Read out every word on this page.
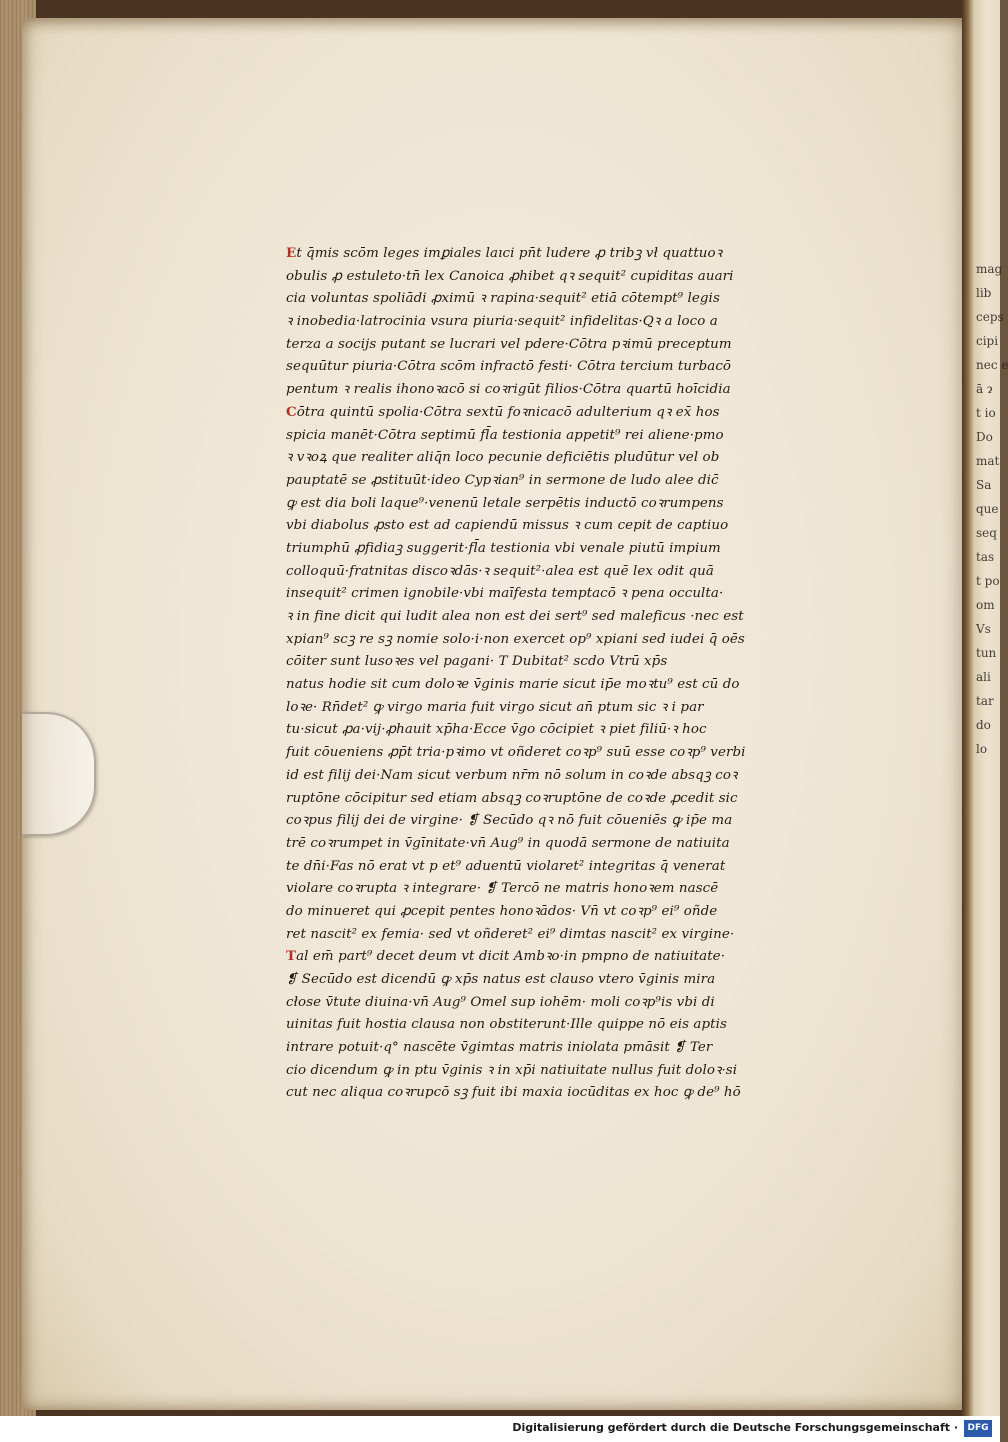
Et q̄mis scōm leges imꝑiales laıci pn̄t ludere ꝓ tribꝫ vł quattuoꝛ
obulis ꝓ estuleto·tn̄ lex Canoica ꝓhibet qꝛ sequit² cupiditas auari
cia voluntas spoliādi ꝓximū ꝛ rapina·sequit² etiā cōtempt⁹ legis
ꝛ inobedia·latrocinia vsura piuria·sequit² infidelitas·Qꝛ a loco a
terza a socijs putant se lucrari vel pdere·Cōtra pꝛimū preceptum
sequūtur piuria·Cōtra scōm infractō festi· Cōtra tercium turbacō
pentum ꝛ realis ihonoꝛacō si coꝛrigūt filios·Cōtra quartū hoīcidia
Cōtra quintū spolia·Cōtra sextū foꝛnicacō adulterium qꝛ ex̄ hos
spicia manēt·Cōtra septimū fl̄a testionia appetit⁹ rei aliene·pmo
ꝛ vꝛoꝝ que realiter aliq̄n loco pecunie deficiētis pludūtur vel ob
pauptatē se ꝓstituūt·ideo Cypꝛian⁹ in sermone de ludo alee dic̄
ꝙ est dia boli laque⁹·venenū letale serpētis inductō coꝛrumpens
vbi diabolus ꝓsto est ad capiendū missus ꝛ cum cepit de captiuo
triumphū ꝓfidiaꝫ suggerit·fl̄a testionia vbi venale piutū impium
colloquū·fratnitas discoꝛdās·ꝛ sequit²·alea est quē lex odit quā
insequit² crimen ignobile·vbi maīfesta temptacō ꝛ pena occulta·
ꝛ in fine dicit qui ludit alea non est dei sert⁹ sed maleficus ·nec est
xpian⁹ scꝫ re sꝫ nomie solo·i·non exercet op⁹ xpiani sed iudei q̄ oēs
cōiter sunt lusoꝛes vel pagani· T Dubitat² scdo Vtrū xp̄s
natus hodie sit cum doloꝛe v̄ginis marie sicut ip̄e moꝛtu⁹ est cū do
loꝛe· Rn̄det² ꝙ virgo maria fuit virgo sicut an̄ ptum sic ꝛ i par
tu·sicut ꝓa·vij·ꝓhauit xp̄ha·Ecce v̄go cōcipiet ꝛ piet filiū·ꝛ hoc
fuit cōueniens ꝓp̄t tria·pꝛimo vt oñderet coꝛp⁹ suū esse coꝛp⁹ verbi
id est filij dei·Nam sicut verbum nr̄m nō solum in coꝛde absqꝫ coꝛ
ruptōne cōcipitur sed etiam absqꝫ coꝛruptōne de coꝛde ꝓcedit sic
coꝛpus filij dei de virgine· ❡ Secūdo qꝛ nō fuit cōueniēs ꝙ ip̄e ma
trē coꝛrumpet in v̄gīnitate·vn̄ Aug⁹ in quodā sermone de natiuita
te dn̄i·Fas nō erat vt p et⁹ aduentū violaret² integritas q̄ venerat
violare coꝛrupta ꝛ integrare· ❡ Tercō ne matris honoꝛem nascē
do minueret qui ꝓcepit pentes honoꝛādos· Vn̄ vt coꝛp⁹ ei⁹ oñde
ret nascit² ex femia· sed vt oñderet² ei⁹ dimtas nascit² ex virgine·
Tal em̄ part⁹ decet deum vt dicit Ambꝛo·in pmpno de natiuitate·
❡ Secūdo est dicendū ꝙ xp̄s natus est clauso vtero v̄ginis mira
cłose v̄tute diuina·vn̄ Aug⁹ Omel sup iohēm· moli coꝛp⁹is vbi di
uinitas fuit hostia clausa non obstiterunt·Ille quippe nō eis aptis
intrare potuit·q° nascēte v̄gimtas matris iniolata pmāsit ❡ Ter
cio dicendum ꝙ in ptu v̄ginis ꝛ in xp̄i natiuitate nullus fuit doloꝛ·si
cut nec aliqua coꝛrupcō sꝫ fuit ibi maxia iocūditas ex hoc ꝙ de⁹ hō
mag
lib
ceps
cipi
nec e
ā ɂ
t io
Do
mat
Sa
que
seq
tas
t po
om
Vs
tun
ali
tar
do
lo
Digitalisierung gefördert durch die Deutsche Forschungsgemeinschaft ·	DFG
